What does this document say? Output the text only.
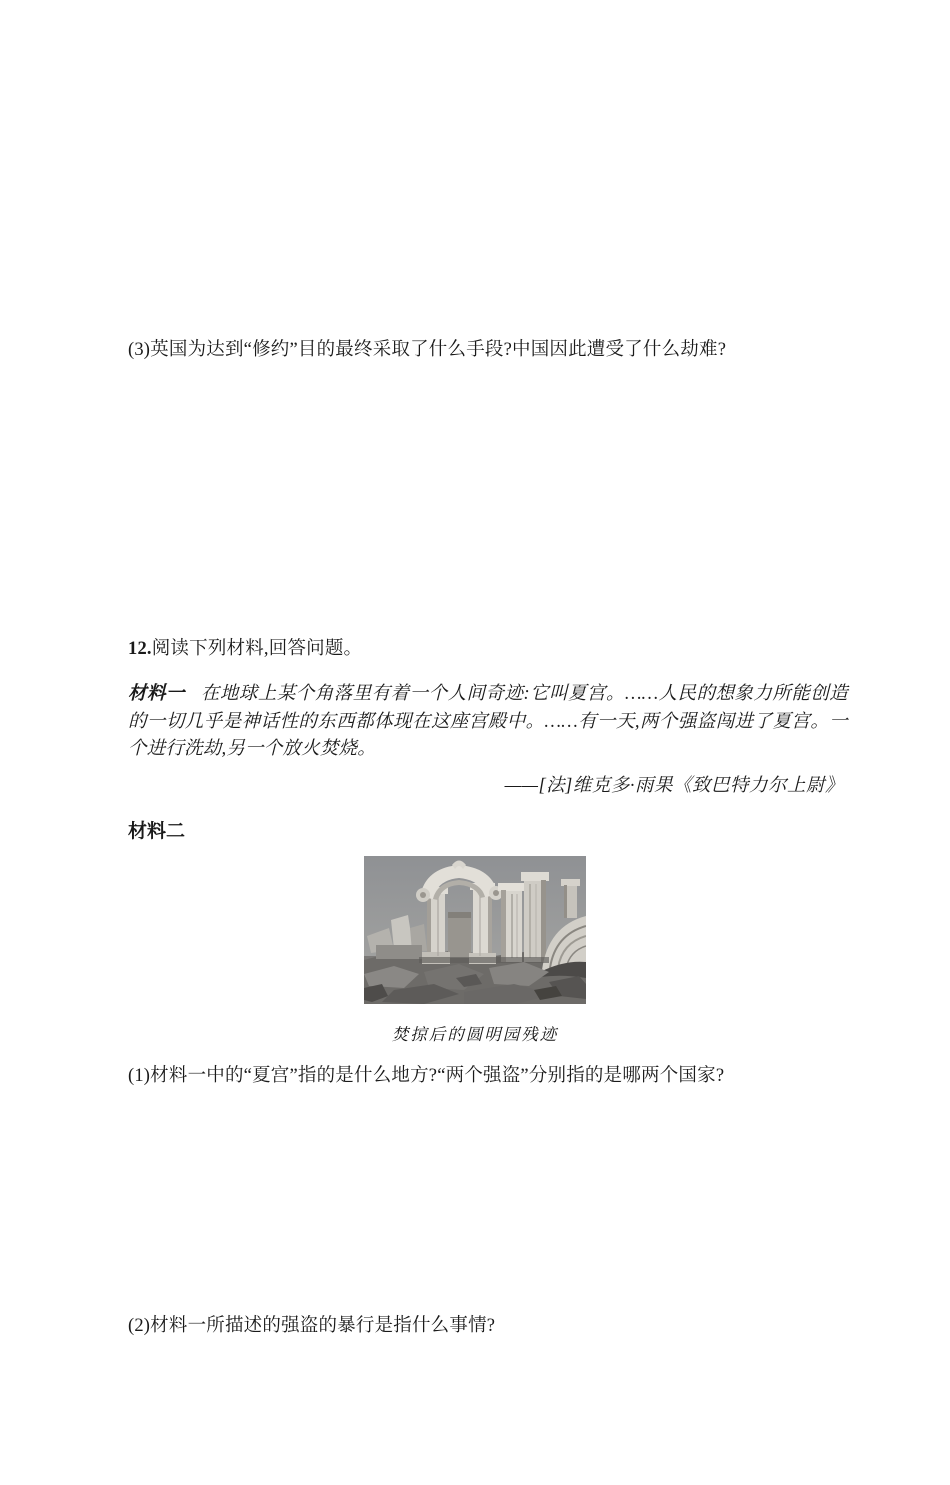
(3)英国为达到“修约”目的最终采取了什么手段?中国因此遭受了什么劫难?

12.阅读下列材料,回答问题。

材料一 在地球上某个角落里有着一个人间奇迹:它叫夏宫。……人民的想象力所能创造的一切几乎是神话性的东西都体现在这座宫殿中。……有一天,两个强盗闯进了夏宫。一个进行洗劫,另一个放火焚烧。

——[法]维克多·雨果《致巴特力尔上尉》

材料二

焚掠后的圆明园残迹

(1)材料一中的“夏宫”指的是什么地方?“两个强盗”分别指的是哪两个国家?

(2)材料一所描述的强盗的暴行是指什么事情?
